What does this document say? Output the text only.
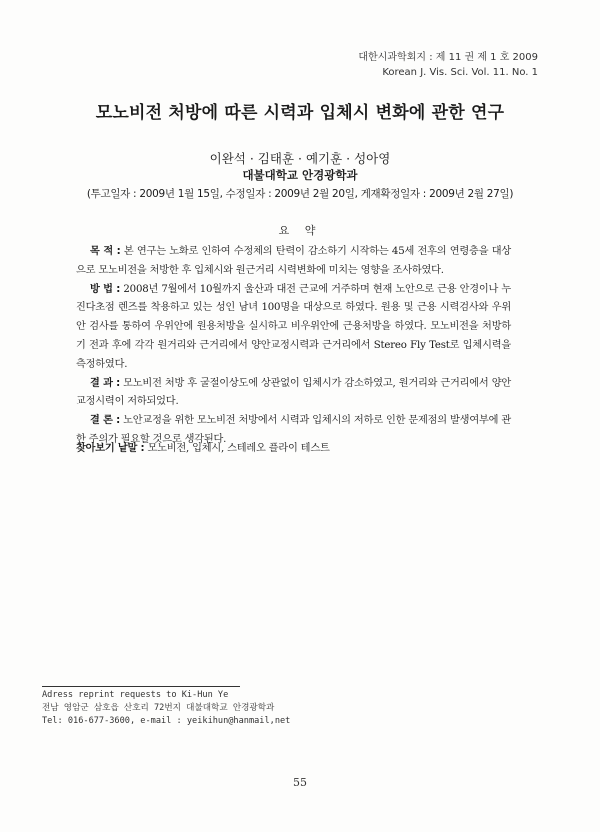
대한시과학회지 : 제 11 권 제 1 호 2009
Korean J. Vis. Sci. Vol. 11. No. 1
모노비전 처방에 따른 시력과 입체시 변화에 관한 연구
이완석 · 김태훈 · 예기훈 · 성아영
대불대학교 안경광학과
(투고일자 : 2009년 1월 15일, 수정일자 : 2009년 2월 20일, 게재확정일자 : 2009년 2월 27일)
요 약

목 적 : 본 연구는 노화로 인하여 수정체의 탄력이 감소하기 시작하는 45세 전후의 연령층을 대상으로 모노비전을 처방한 후 입체시와 원근거리 시력변화에 미치는 영향을 조사하였다.

방 법 : 2008년 7월에서 10월까지 울산과 대전 근교에 거주하며 현재 노안으로 근용 안경이나 누진다초점 렌즈를 착용하고 있는 성인 남녀 100명을 대상으로 하였다. 원용 및 근용 시력검사와 우위안 검사를 통하여 우위안에 원용처방을 실시하고 비우위안에 근용처방을 하였다. 모노비전을 처방하기 전과 후에 각각 원거리와 근거리에서 양안교정시력과 근거리에서 Stereo Fly Test로 입체시력을 측정하였다.

결 과 : 모노비전 처방 후 굴절이상도에 상관없이 입체시가 감소하였고, 원거리와 근거리에서 양안교정시력이 저하되었다.

결 론 : 노안교정을 위한 모노비전 처방에서 시력과 입체시의 저하로 인한 문제점의 발생여부에 관한 주의가 필요할 것으로 생각된다.

찾아보기 낱말 : 모노비전, 입체시, 스테레오 플라이 테스트
Adress reprint requests to Ki-Hun Ye
전남 영암군 삼호읍 산호리 72번지 대불대학교 안경광학과
Tel: 016-677-3600, e-mail : yeikihun@hanmail,net
55
